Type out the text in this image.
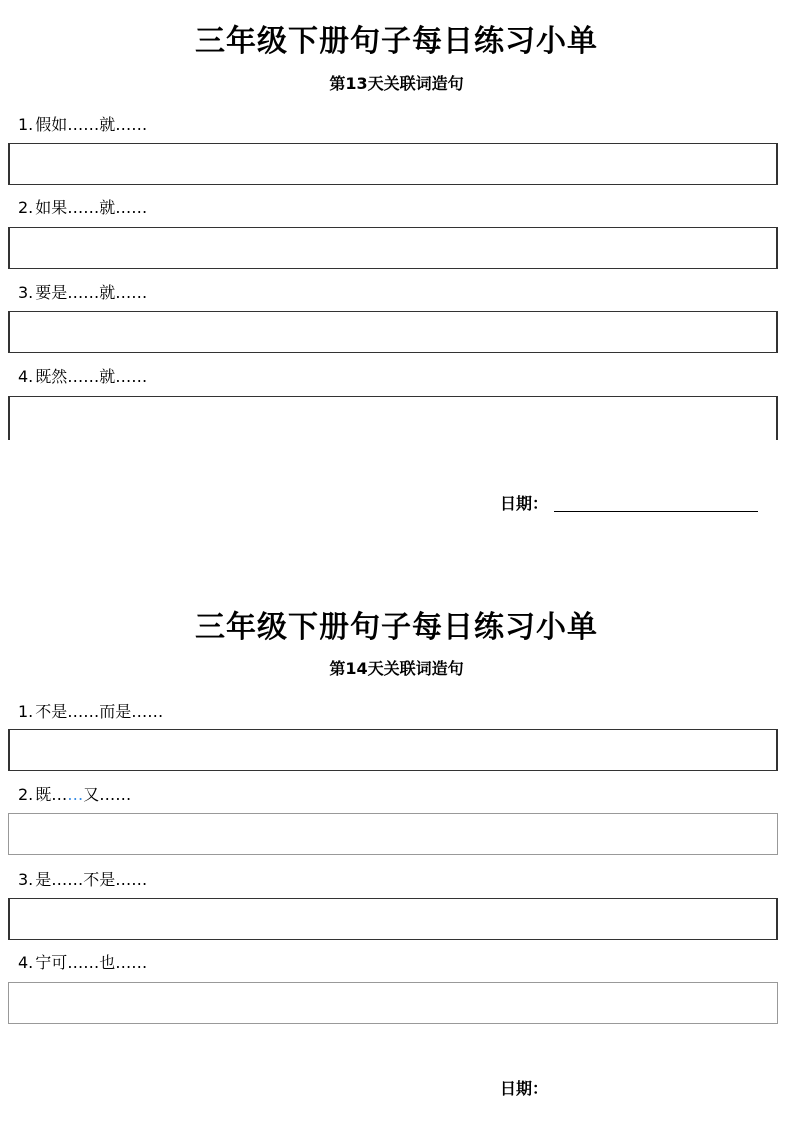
三年级下册句子每日练习小单
第13天关联词造句
1. 假如……就……
2. 如果……就……
3. 要是……就……
4. 既然……就……
日期：
三年级下册句子每日练习小单
第14天关联词造句
1. 不是……而是……
2. 既……又……
3. 是……不是……
4. 宁可……也……
日期：
